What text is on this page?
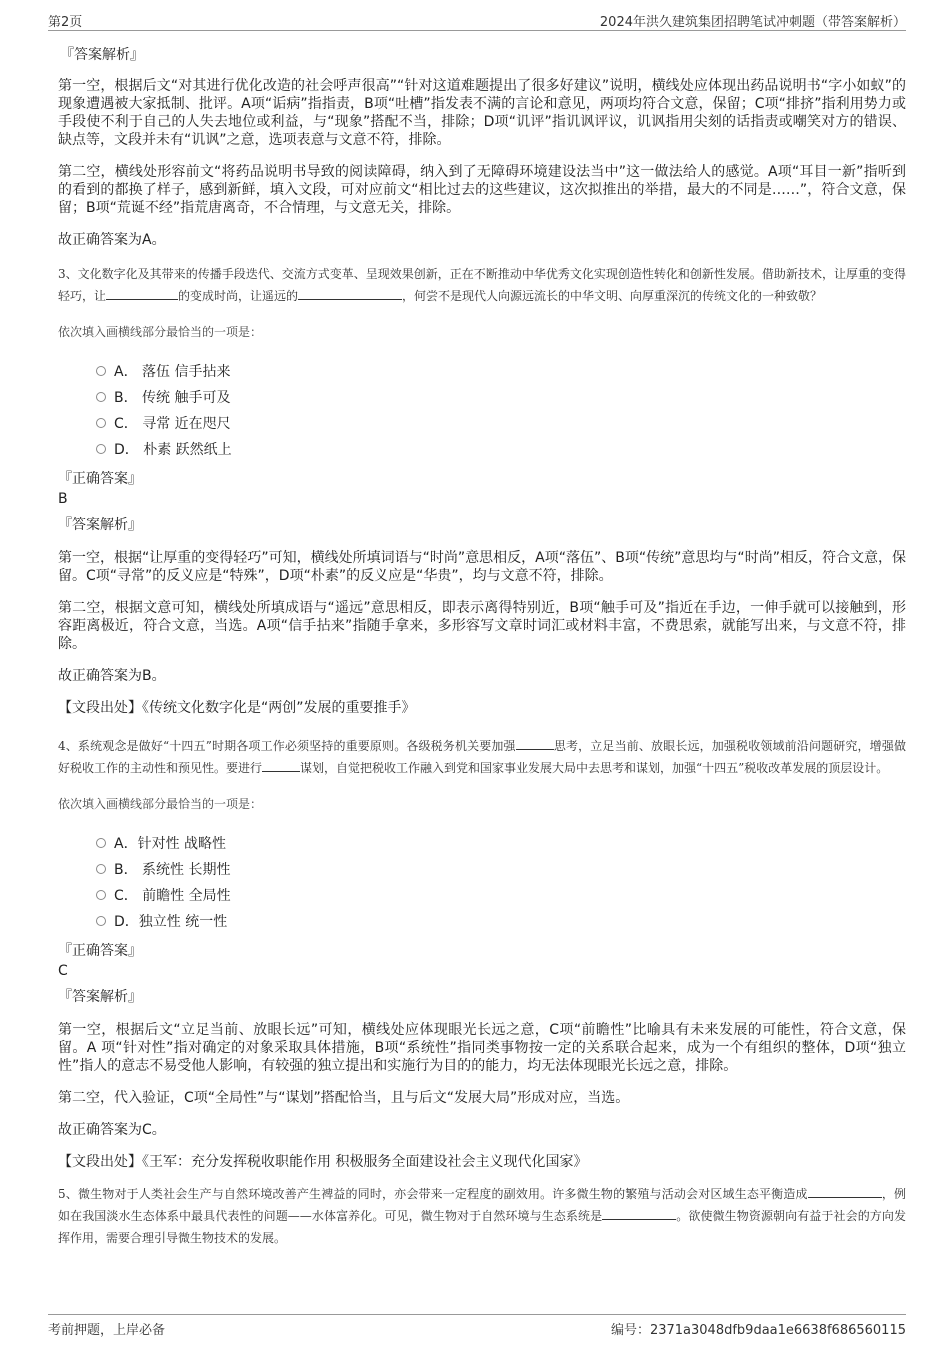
第2页	2024年洪久建筑集团招聘笔试冲刺题（带答案解析）
『答案解析』

第一空，根据后文“对其进行优化改造的社会呼声很高”“针对这道难题提出了很多好建议”说明，横线处应体现出药品说明书“字小如蚁”的现象遭遇被大家抵制、批评。A项“诟病”指指责，B项“吐槽”指发表不满的言论和意见，两项均符合文意，保留；C项“排挤”指利用势力或手段使不利于自己的人失去地位或利益，与“现象”搭配不当，排除；D项“讥评”指讥讽评议，讥讽指用尖刻的话指责或嘲笑对方的错误、缺点等，文段并未有“讥讽”之意，选项表意与文意不符，排除。

第二空，横线处形容前文“将药品说明书导致的阅读障碍，纳入到了无障碍环境建设法当中”这一做法给人的感觉。A项“耳目一新”指听到的看到的都换了样子，感到新鲜，填入文段，可对应前文“相比过去的这些建议，这次拟推出的举措，最大的不同是……”，符合文意，保留；B项“荒诞不经”指荒唐离奇，不合情理，与文意无关，排除。

故正确答案为A。

3、文化数字化及其带来的传播手段迭代、交流方式变革、呈现效果创新，正在不断推动中华优秀文化实现创造性转化和创新性发展。借助新技术，让厚重的变得轻巧，让	的变成时尚，让遥远的	，何尝不是现代人向源远流长的中华文明、向厚重深沉的传统文化的一种致敬？

依次填入画横线部分最恰当的一项是：

A． 落伍 信手拈来
B． 传统 触手可及
C． 寻常 近在咫尺
D． 朴素 跃然纸上
『正确答案』
B
『答案解析』

第一空，根据“让厚重的变得轻巧”可知，横线处所填词语与“时尚”意思相反，A项“落伍”、B项“传统”意思均与“时尚”相反，符合文意，保留。C项“寻常”的反义应是“特殊”，D项“朴素”的反义应是“华贵”，均与文意不符，排除。

第二空，根据文意可知，横线处所填成语与“遥远”意思相反，即表示离得特别近，B项“触手可及”指近在手边，一伸手就可以接触到，形容距离极近，符合文意，当选。A项“信手拈来”指随手拿来，多形容写文章时词汇或材料丰富，不费思索，就能写出来，与文意不符，排除。

故正确答案为B。

【文段出处】《传统文化数字化是“两创”发展的重要推手》

4、系统观念是做好“十四五”时期各项工作必须坚持的重要原则。各级税务机关要加强	思考，立足当前、放眼长远，加强税收领域前沿问题研究，增强做好税收工作的主动性和预见性。要进行	谋划，自觉把税收工作融入到党和国家事业发展大局中去思考和谋划，加强“十四五”税收改革发展的顶层设计。

依次填入画横线部分最恰当的一项是：

A．针对性 战略性
B． 系统性 长期性
C． 前瞻性 全局性
D．独立性 统一性
『正确答案』
C
『答案解析』

第一空，根据后文“立足当前、放眼长远”可知，横线处应体现眼光长远之意，C项“前瞻性”比喻具有未来发展的可能性，符合文意，保留。A 项“针对性”指对确定的对象采取具体措施，B项“系统性”指同类事物按一定的关系联合起来，成为一个有组织的整体，D项“独立性”指人的意志不易受他人影响，有较强的独立提出和实施行为目的的能力，均无法体现眼光长远之意，排除。

第二空，代入验证，C项“全局性”与“谋划”搭配恰当，且与后文“发展大局”形成对应，当选。

故正确答案为C。

【文段出处】《王军：充分发挥税收职能作用 积极服务全面建设社会主义现代化国家》

5、微生物对于人类社会生产与自然环境改善产生裨益的同时，亦会带来一定程度的副效用。许多微生物的繁殖与活动会对区域生态平衡造成	，例如在我国淡水生态体系中最具代表性的问题——水体富养化。可见，微生物对于自然环境与生态系统是	。欲使微生物资源朝向有益于社会的方向发挥作用，需要合理引导微生物技术的发展。

考前押题，上岸必备	编号：2371a3048dfb9daa1e6638f686560115
